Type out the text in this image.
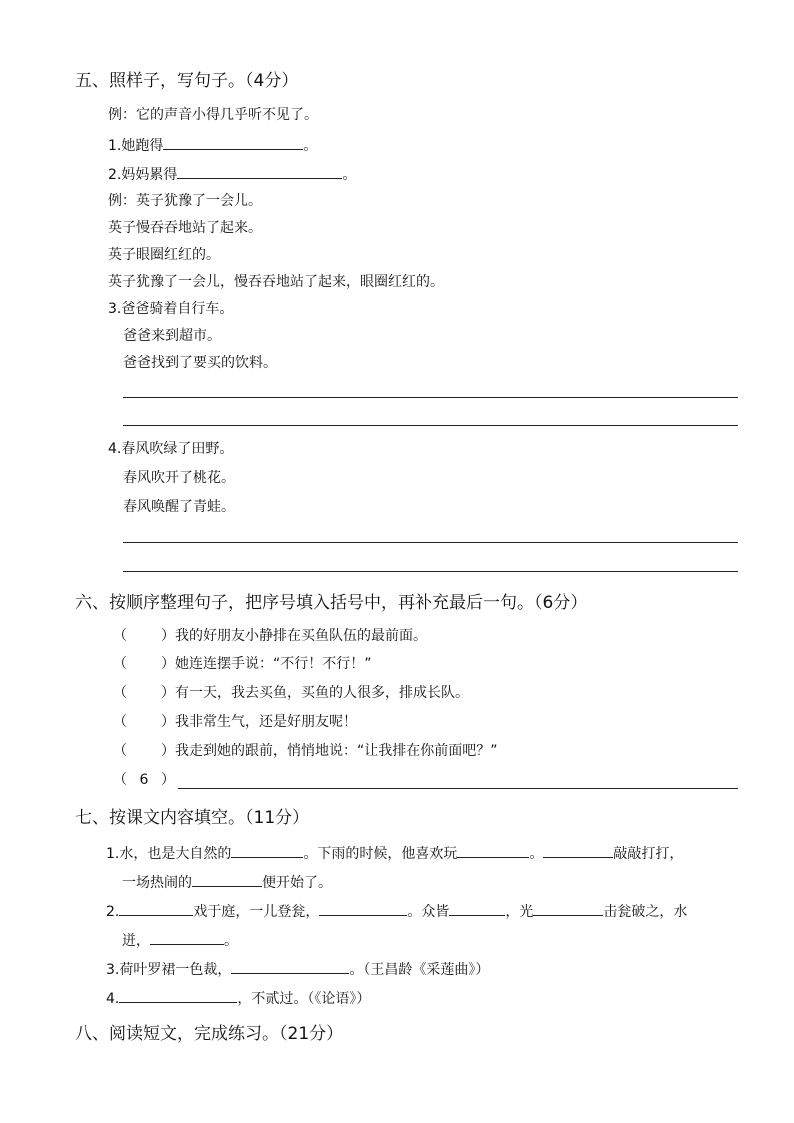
五、照样子，写句子。（4分）
例：它的声音小得几乎听不见了。
1.她跑得	。
2.妈妈累得	。
例：英子犹豫了一会儿。
英子慢吞吞地站了起来。
英子眼圈红红的。
英子犹豫了一会儿，慢吞吞地站了起来，眼圈红红的。
3.爸爸骑着自行车。
爸爸来到超市。
爸爸找到了要买的饮料。
4.春风吹绿了田野。
春风吹开了桃花。
春风唤醒了青蛙。
六、按顺序整理句子，把序号填入括号中，再补充最后一句。（6分）
（ ）我的好朋友小静排在买鱼队伍的最前面。
（ ）她连连摆手说：“不行！不行！”
（ ）有一天，我去买鱼，买鱼的人很多，排成长队。
（ ）我非常生气，还是好朋友呢！
（ ）我走到她的跟前，悄悄地说：“让我排在你前面吧？”
（ 6 ）
七、按课文内容填空。（11分）
1.水，也是大自然的	。下雨的时候，他喜欢玩	。	敲敲打打，
一场热闹的	便开始了。
2.	戏于庭，一儿登瓮，	。众皆	，光	击瓮破之，水
迸，	。
3.荷叶罗裙一色裁，	。（王昌龄《采莲曲》）
4.	，不贰过。（《论语》）
八、阅读短文，完成练习。（21分）
